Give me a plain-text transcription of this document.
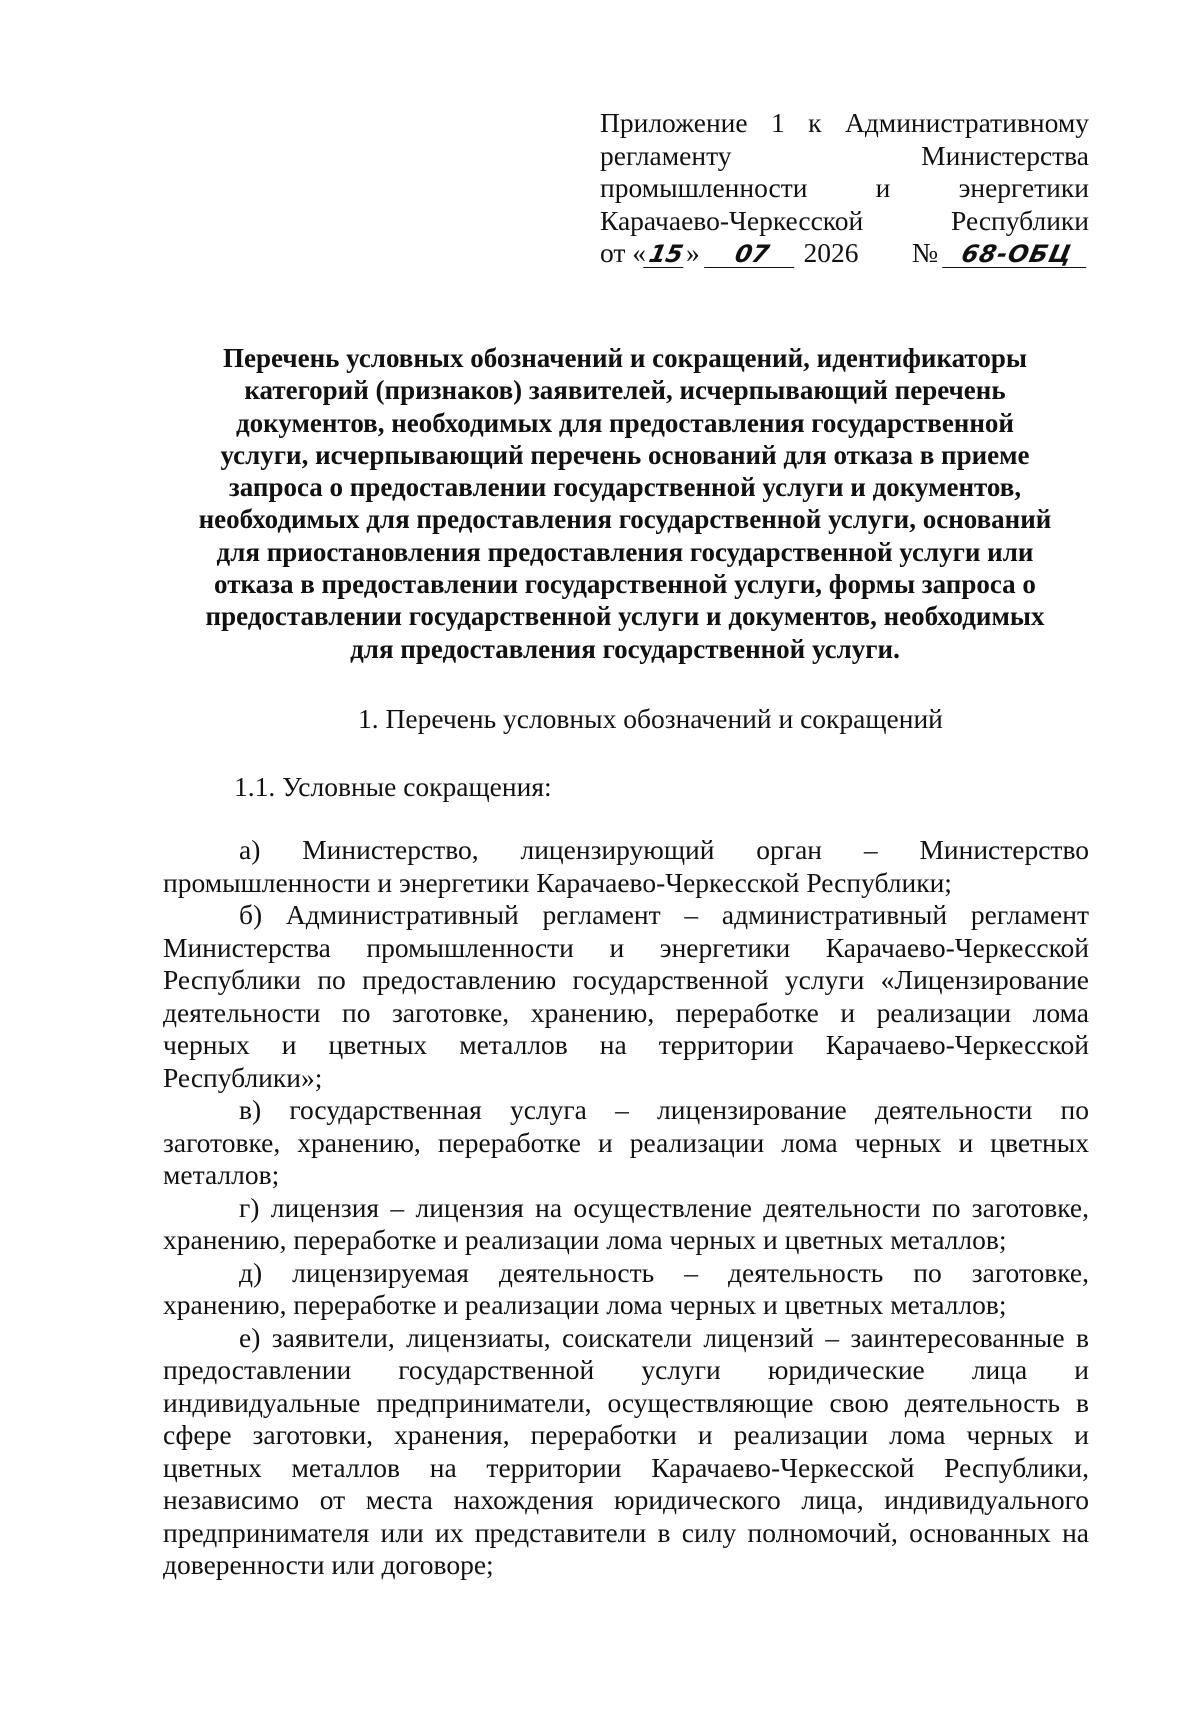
Приложение 1 к Административному
регламенту	Министерства
промышленности и энергетики
Карачаево-Черкесской	Республики
от «15» 07 2026 № 68-ОБЦ
Перечень условных обозначений и сокращений, идентификаторы
категорий (признаков) заявителей, исчерпывающий перечень
документов, необходимых для предоставления государственной
услуги, исчерпывающий перечень оснований для отказа в приеме
запроса о предоставлении государственной услуги и документов,
необходимых для предоставления государственной услуги, оснований
для приостановления предоставления государственной услуги или
отказа в предоставлении государственной услуги, формы запроса о
предоставлении государственной услуги и документов, необходимых
для предоставления государственной услуги.
1. Перечень условных обозначений и сокращений
1.1. Условные сокращения:
а) Министерство, лицензирующий орган – Министерство
промышленности и энергетики Карачаево-Черкесской Республики;
б) Административный регламент – административный регламент
Министерства промышленности и энергетики Карачаево-Черкесской
Республики по предоставлению государственной услуги «Лицензирование
деятельности по заготовке, хранению, переработке и реализации лома
черных и цветных металлов на территории Карачаево-Черкесской
Республики»;
в) государственная услуга – лицензирование деятельности по
заготовке, хранению, переработке и реализации лома черных и цветных
металлов;
г) лицензия – лицензия на осуществление деятельности по заготовке,
хранению, переработке и реализации лома черных и цветных металлов;
д) лицензируемая деятельность – деятельность по заготовке,
хранению, переработке и реализации лома черных и цветных металлов;
е) заявители, лицензиаты, соискатели лицензий – заинтересованные в
предоставлении государственной услуги юридические лица и
индивидуальные предприниматели, осуществляющие свою деятельность в
сфере заготовки, хранения, переработки и реализации лома черных и
цветных металлов на территории Карачаево-Черкесской Республики,
независимо от места нахождения юридического лица, индивидуального
предпринимателя или их представители в силу полномочий, основанных на
доверенности или договоре;
